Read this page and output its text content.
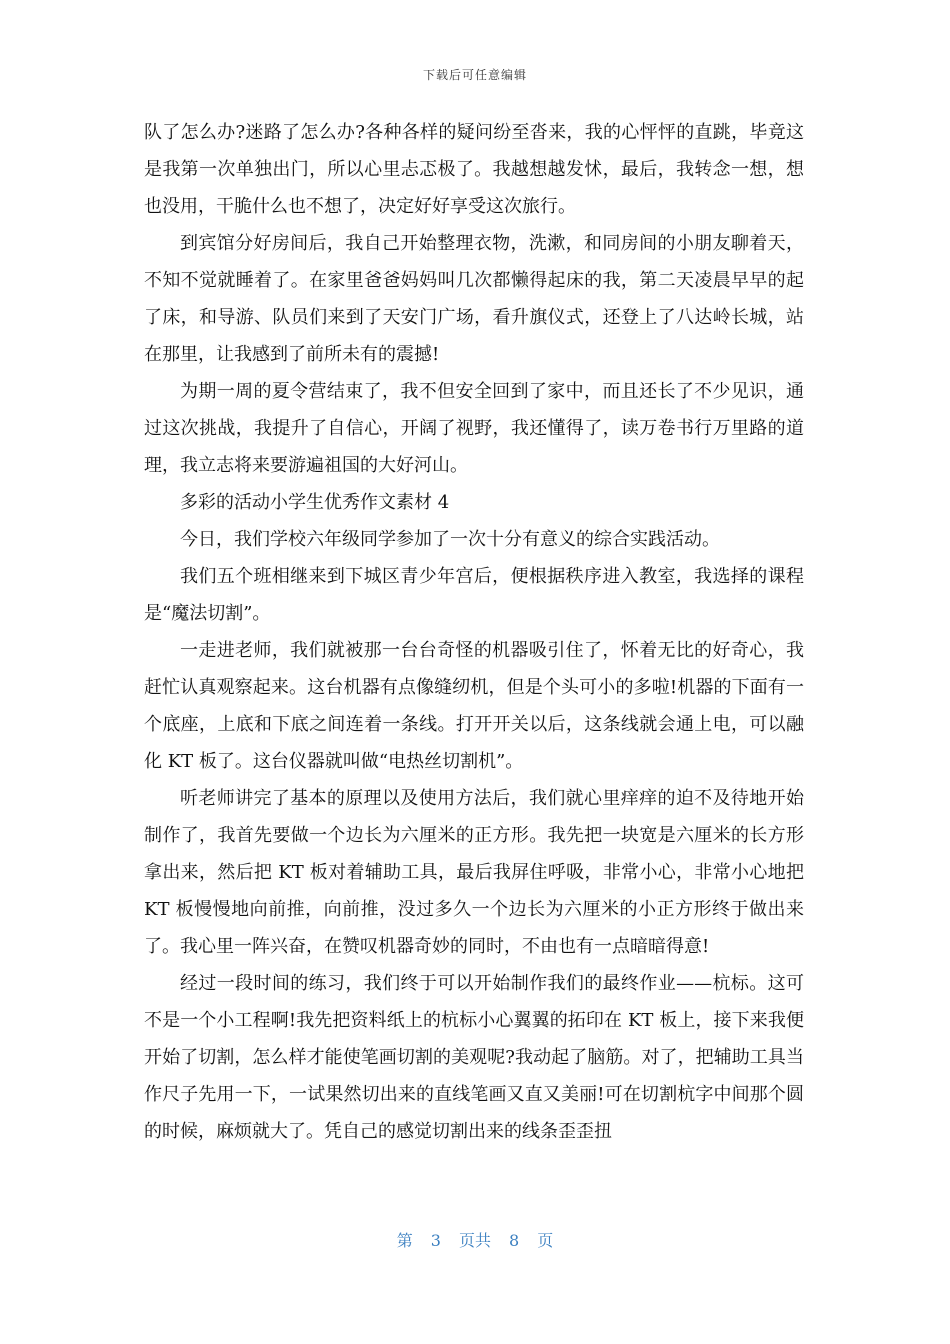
下载后可任意编辑

队了怎么办?迷路了怎么办?各种各样的疑问纷至沓来，我的心怦怦的直跳，毕竟这是我第一次单独出门，所以心里忐忑极了。我越想越发怵，最后，我转念一想，想也没用，干脆什么也不想了，决定好好享受这次旅行。

到宾馆分好房间后，我自己开始整理衣物，洗漱，和同房间的小朋友聊着天，不知不觉就睡着了。在家里爸爸妈妈叫几次都懒得起床的我，第二天凌晨早早的起了床，和导游、队员们来到了天安门广场，看升旗仪式，还登上了八达岭长城，站在那里，让我感到了前所未有的震撼!

为期一周的夏令营结束了，我不但安全回到了家中，而且还长了不少见识，通过这次挑战，我提升了自信心，开阔了视野，我还懂得了，读万卷书行万里路的道理，我立志将来要游遍祖国的大好河山。

多彩的活动小学生优秀作文素材 4

今日，我们学校六年级同学参加了一次十分有意义的综合实践活动。

我们五个班相继来到下城区青少年宫后，便根据秩序进入教室，我选择的课程是“魔法切割”。

一走进老师，我们就被那一台台奇怪的机器吸引住了，怀着无比的好奇心，我赶忙认真观察起来。这台机器有点像缝纫机，但是个头可小的多啦!机器的下面有一个底座，上底和下底之间连着一条线。打开开关以后，这条线就会通上电，可以融化 KT 板了。这台仪器就叫做“电热丝切割机”。

听老师讲完了基本的原理以及使用方法后，我们就心里痒痒的迫不及待地开始制作了，我首先要做一个边长为六厘米的正方形。我先把一块宽是六厘米的长方形拿出来，然后把 KT 板对着辅助工具，最后我屏住呼吸，非常小心，非常小心地把 KT 板慢慢地向前推，向前推，没过多久一个边长为六厘米的小正方形终于做出来了。我心里一阵兴奋，在赞叹机器奇妙的同时，不由也有一点暗暗得意!

经过一段时间的练习，我们终于可以开始制作我们的最终作业——杭标。这可不是一个小工程啊!我先把资料纸上的杭标小心翼翼的拓印在 KT 板上，接下来我便开始了切割，怎么样才能使笔画切割的美观呢?我动起了脑筋。对了，把辅助工具当作尺子先用一下，一试果然切出来的直线笔画又直又美丽!可在切割杭字中间那个圆的时候，麻烦就大了。凭自己的感觉切割出来的线条歪歪扭

第 3 页共 8 页
